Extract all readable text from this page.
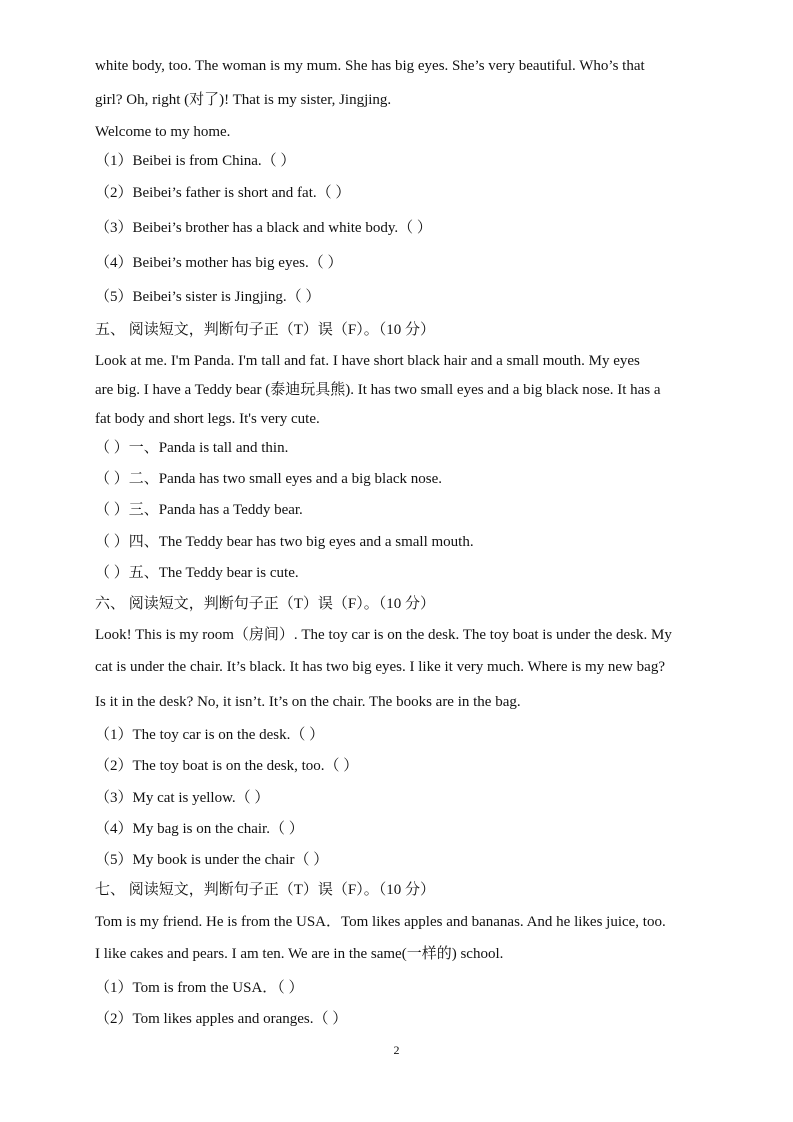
white body, too. The woman is my mum. She has big eyes. She’s very beautiful. Who’s that
girl? Oh, right (对了)! That is my sister, Jingjing.
Welcome to my home.
（1）Beibei is from China.（ ）
（2）Beibei’s father is short and fat.（ ）
（3）Beibei’s brother has a black and white body.（ ）
（4）Beibei’s mother has big eyes.（ ）
（5）Beibei’s sister is Jingjing.（ ）
五、 阅读短文，判断句子正（T）误（F）。（10 分）
Look at me. I'm Panda. I'm tall and fat. I have short black hair and a small mouth. My eyes
are big. I have a Teddy bear (泰迪玩具熊). It has two small eyes and a big black nose. It has a
fat body and short legs. It's very cute.
（ ）一、Panda is tall and thin.
（ ）二、Panda has two small eyes and a big black nose.
（ ）三、Panda has a Teddy bear.
（ ）四、The Teddy bear has two big eyes and a small mouth.
（ ）五、The Teddy bear is cute.
六、 阅读短文，判断句子正（T）误（F）。（10 分）
Look! This is my room（房间）. The toy car is on the desk. The toy boat is under the desk. My
cat is under the chair. It’s black. It has two big eyes. I like it very much. Where is my new bag?
Is it in the desk? No, it isn’t. It’s on the chair. The books are in the bag.
（1）The toy car is on the desk.（ ）
（2）The toy boat is on the desk, too.（ ）
（3）My cat is yellow.（ ）
（4）My bag is on the chair.（ ）
（5）My book is under the chair（ ）
七、 阅读短文，判断句子正（T）误（F）。（10 分）
Tom is my friend. He is from the USA．Tom likes apples and bananas. And he likes juice, too.
I like cakes and pears. I am ten. We are in the same(一样的) school.
（1）Tom is from the USA．（ ）
（2）Tom likes apples and oranges.（ ）
2
